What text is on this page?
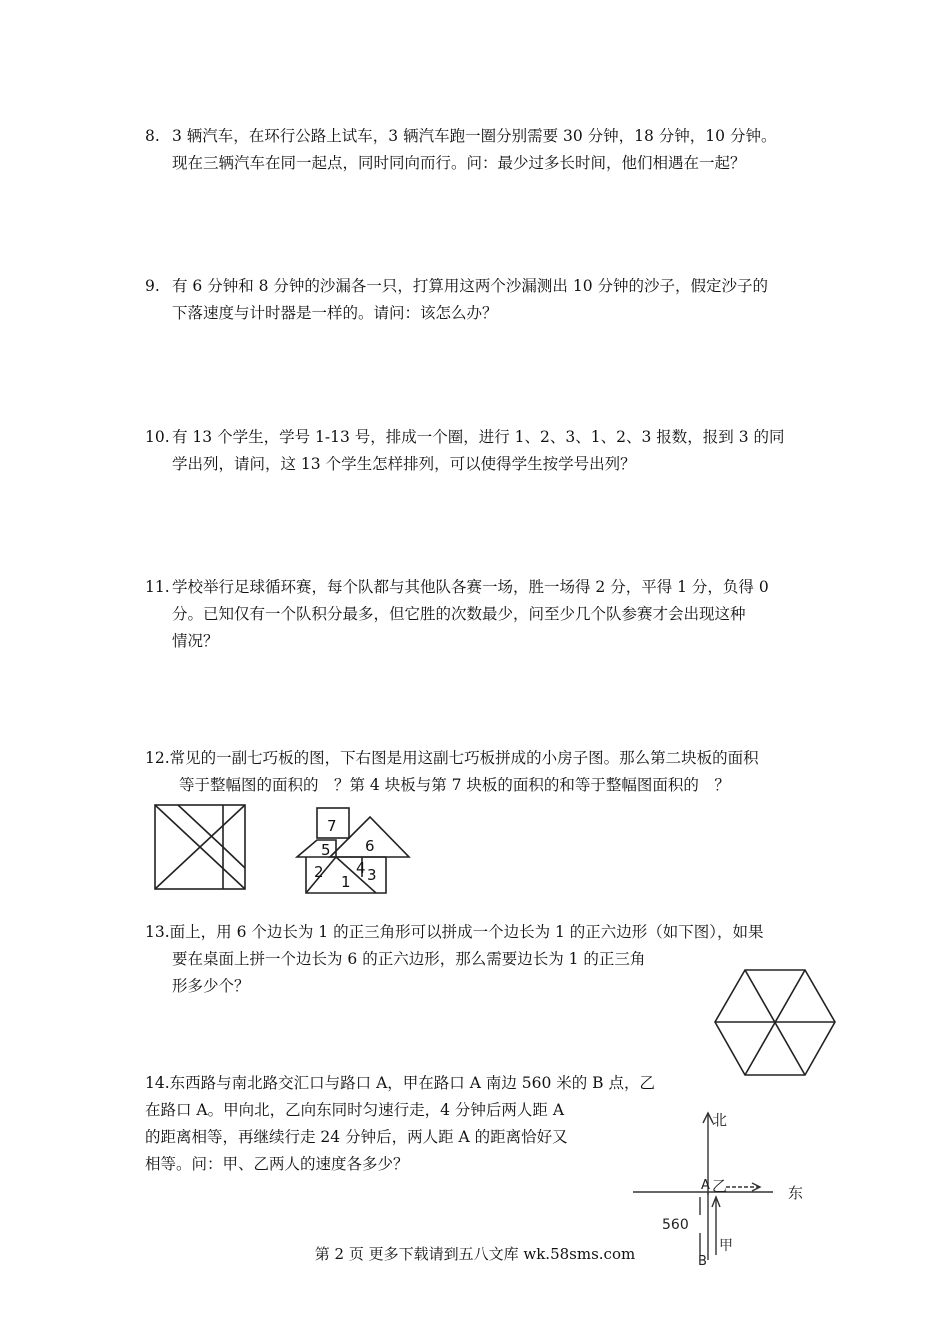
8. 3 辆汽车，在环行公路上试车，3 辆汽车跑一圈分别需要 30 分钟，18 分钟，10 分钟。
现在三辆汽车在同一起点，同时同向而行。问：最少过多长时间，他们相遇在一起？
9. 有 6 分钟和 8 分钟的沙漏各一只，打算用这两个沙漏测出 10 分钟的沙子，假定沙子的
下落速度与计时器是一样的。请问：该怎么办？
10. 有 13 个学生，学号 1-13 号，排成一个圈，进行 1、2、3、1、2、3 报数，报到 3 的同
学出列，请问，这 13 个学生怎样排列，可以使得学生按学号出列？
11. 学校举行足球循环赛，每个队都与其他队各赛一场，胜一场得 2 分，平得 1 分，负得 0
分。已知仅有一个队积分最多，但它胜的次数最少，问至少几个队参赛才会出现这种
情况？
12.常见的一副七巧板的图，下右图是用这副七巧板拼成的小房子图。那么第二块板的面积
等于整幅图的面积的　？第 4 块板与第 7 块板的面积的和等于整幅图面积的　？
7
6
5
2
1
4 3
13.面上，用 6 个边长为 1 的正三角形可以拼成一个边长为 1 的正六边形（如下图），如果
要在桌面上拼一个边长为 6 的正六边形，那么需要边长为 1 的正三角
形多少个？
14.东西路与南北路交汇口与路口 A，甲在路口 A 南边 560 米的 B 点，乙
在路口 A。甲向北，乙向东同时匀速行走，4 分钟后两人距 A
的距离相等，再继续行走 24 分钟后，两人距 A 的距离恰好又
相等。问：甲、乙两人的速度各多少？
北
东
A 乙
560
甲
B
第 2 页 更多下载请到五八文库 wk.58sms.com
